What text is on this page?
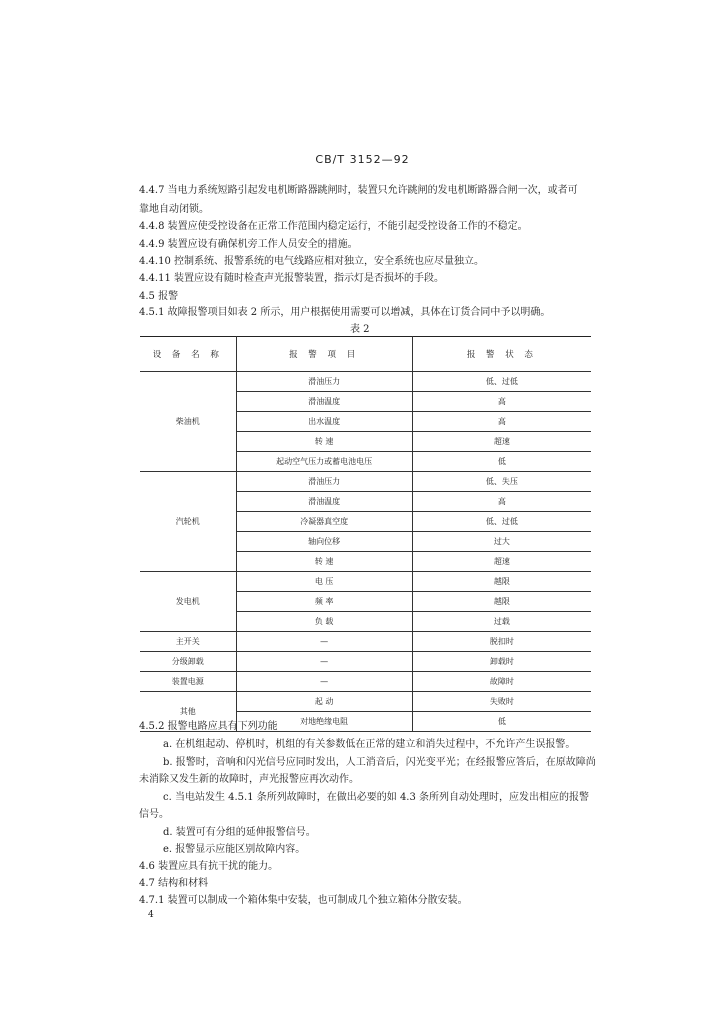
CB/T 3152—92
4.4.7 当电力系统短路引起发电机断路器跳闸时，装置只允许跳闸的发电机断路器合闸一次，或者可
靠地自动闭锁。
4.4.8 装置应使受控设备在正常工作范围内稳定运行，不能引起受控设备工作的不稳定。
4.4.9 装置应设有确保机旁工作人员安全的措施。
4.4.10 控制系统、报警系统的电气线路应相对独立，安全系统也应尽量独立。
4.4.11 装置应设有随时检查声光报警装置，指示灯是否损坏的手段。
4.5 报警
4.5.1 故障报警项目如表 2 所示，用户根据使用需要可以增减，具体在订货合同中予以明确。
表 2
设 备 名 称	报 警 项 目	报 警 状 态
柴油机	滑油压力	低、过低
	滑油温度	高
	出水温度	高
	转 速	超速
	起动空气压力或蓄电池电压	低
汽轮机	滑油压力	低、失压
	滑油温度	高
	冷凝器真空度	低、过低
	轴向位移	过大
	转 速	超速
发电机	电 压	越限
	频 率	越限
	负 载	过载
主开关	—	脱扣时
分级卸载	—	卸载时
装置电源	—	故障时
其他	起 动	失败时
	对地绝缘电阻	低
4.5.2 报警电路应具有下列功能
a. 在机组起动、停机时，机组的有关参数低在正常的建立和消失过程中，不允许产生误报警。
b. 报警时，音响和闪光信号应同时发出，人工消音后，闪光变平光；在经报警应答后，在原故障尚
未消除又发生新的故障时，声光报警应再次动作。
c. 当电站发生 4.5.1 条所列故障时，在做出必要的如 4.3 条所列自动处理时，应发出相应的报警
信号。
d. 装置可有分组的延伸报警信号。
e. 报警显示应能区别故障内容。
4.6 装置应具有抗干扰的能力。
4.7 结构和材料
4.7.1 装置可以制成一个箱体集中安装，也可制成几个独立箱体分散安装。
4
